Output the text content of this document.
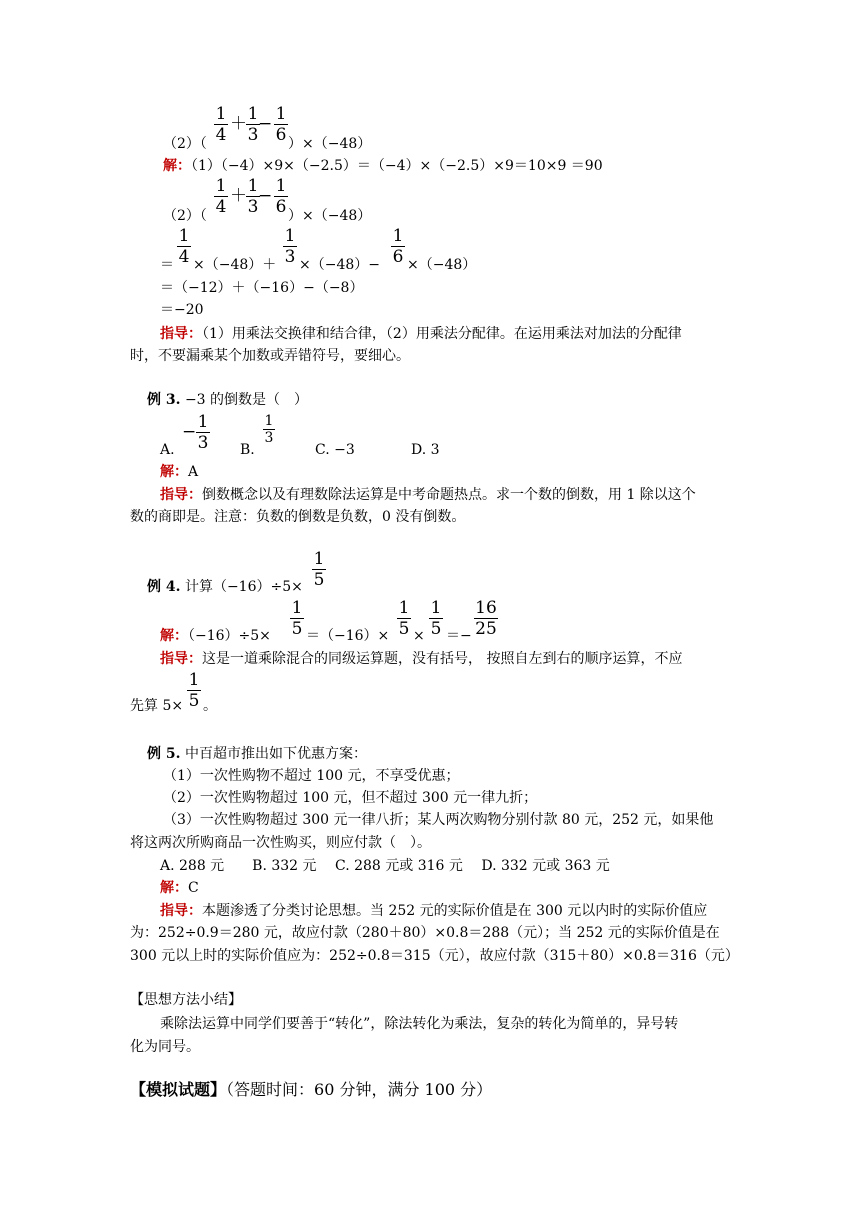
$\frac{1}{4} + \frac{1}{3}$
− $\frac{1}{6}$
（2）（	）×（−48）
解：（1）（−4）×9×（−2.5）＝（−4）×（−2.5）×9＝10×9 ＝90
$\frac{1}{4} + \frac{1}{3}$
− $\frac{1}{6}$
（2）（	）×（−48）
$\frac{1}{4}$	$\frac{1}{3}$	$\frac{1}{6}$
＝ ×（−48）＋ ×（−48）− ×（−48）
＝（−12）＋（−16）−（−8）
＝−20
指导：（1）用乘法交换律和结合律，（2）用乘法分配律。在运用乘法对加法的分配律
时，不要漏乘某个加数或弄错符号，要细心。
例 3. −3 的倒数是（　）
− $\frac{1}{3}$	$\frac{1}{3}$
A.	B.	C. −3	D. 3
解：A
指导：倒数概念以及有理数除法运算是中考命题热点。求一个数的倒数，用 1 除以这个
数的商即是。注意：负数的倒数是负数，0 没有倒数。
$\frac{1}{5}$
例 4. 计算（−16）÷5×
$\frac{1}{5}$	$\frac{1}{5} \frac{1}{5} \frac{16}{25}$
解：（−16）÷5×	＝（−16）× × ＝−
指导：这是一道乘除混合的同级运算题，没有括号， 按照自左到右的顺序运算，不应
$\frac{1}{5}$
先算 5× 。
例 5. 中百超市推出如下优惠方案：
（1）一次性购物不超过 100 元，不享受优惠；
（2）一次性购物超过 100 元，但不超过 300 元一律九折；
（3）一次性购物超过 300 元一律八折；某人两次购物分别付款 80 元，252 元，如果他
将这两次所购商品一次性购买，则应付款（　）。
A. 288 元　　B. 332 元　 C. 288 元或 316 元　 D. 332 元或 363 元
解：C
指导：本题渗透了分类讨论思想。当 252 元的实际价值是在 300 元以内时的实际价值应
为：252÷0.9＝280 元，故应付款（280＋80）×0.8＝288（元）；当 252 元的实际价值是在
300 元以上时的实际价值应为：252÷0.8＝315（元），故应付款（315＋80）×0.8＝316（元）
【思想方法小结】
乘除法运算中同学们要善于“转化”，除法转化为乘法，复杂的转化为简单的，异号转
化为同号。
【模拟试题】（答题时间：60 分钟，满分 100 分）
